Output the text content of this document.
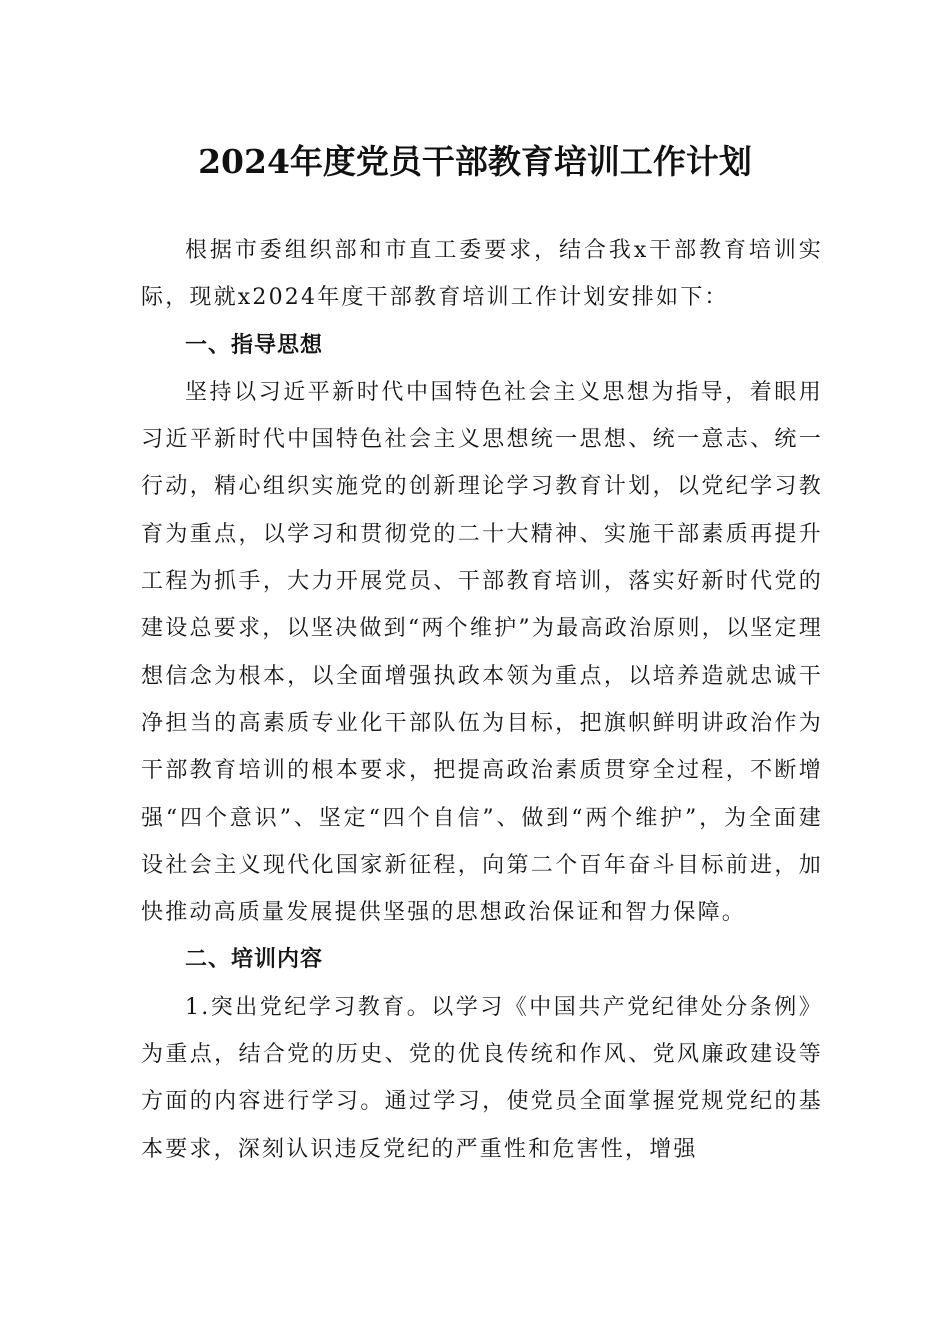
2024年度党员干部教育培训工作计划

根据市委组织部和市直工委要求，结合我x干部教育培训实际，现就x2024年度干部教育培训工作计划安排如下：

一、指导思想

坚持以习近平新时代中国特色社会主义思想为指导，着眼用习近平新时代中国特色社会主义思想统一思想、统一意志、统一行动，精心组织实施党的创新理论学习教育计划，以党纪学习教育为重点，以学习和贯彻党的二十大精神、实施干部素质再提升工程为抓手，大力开展党员、干部教育培训，落实好新时代党的建设总要求，以坚决做到“两个维护”为最高政治原则，以坚定理想信念为根本，以全面增强执政本领为重点，以培养造就忠诚干净担当的高素质专业化干部队伍为目标，把旗帜鲜明讲政治作为干部教育培训的根本要求，把提高政治素质贯穿全过程，不断增强“四个意识”、坚定“四个自信”、做到“两个维护”，为全面建设社会主义现代化国家新征程，向第二个百年奋斗目标前进，加快推动高质量发展提供坚强的思想政治保证和智力保障。

二、培训内容

1.突出党纪学习教育。以学习《中国共产党纪律处分条例》为重点，结合党的历史、党的优良传统和作风、党风廉政建设等方面的内容进行学习。通过学习，使党员全面掌握党规党纪的基本要求，深刻认识违反党纪的严重性和危害性，增强
